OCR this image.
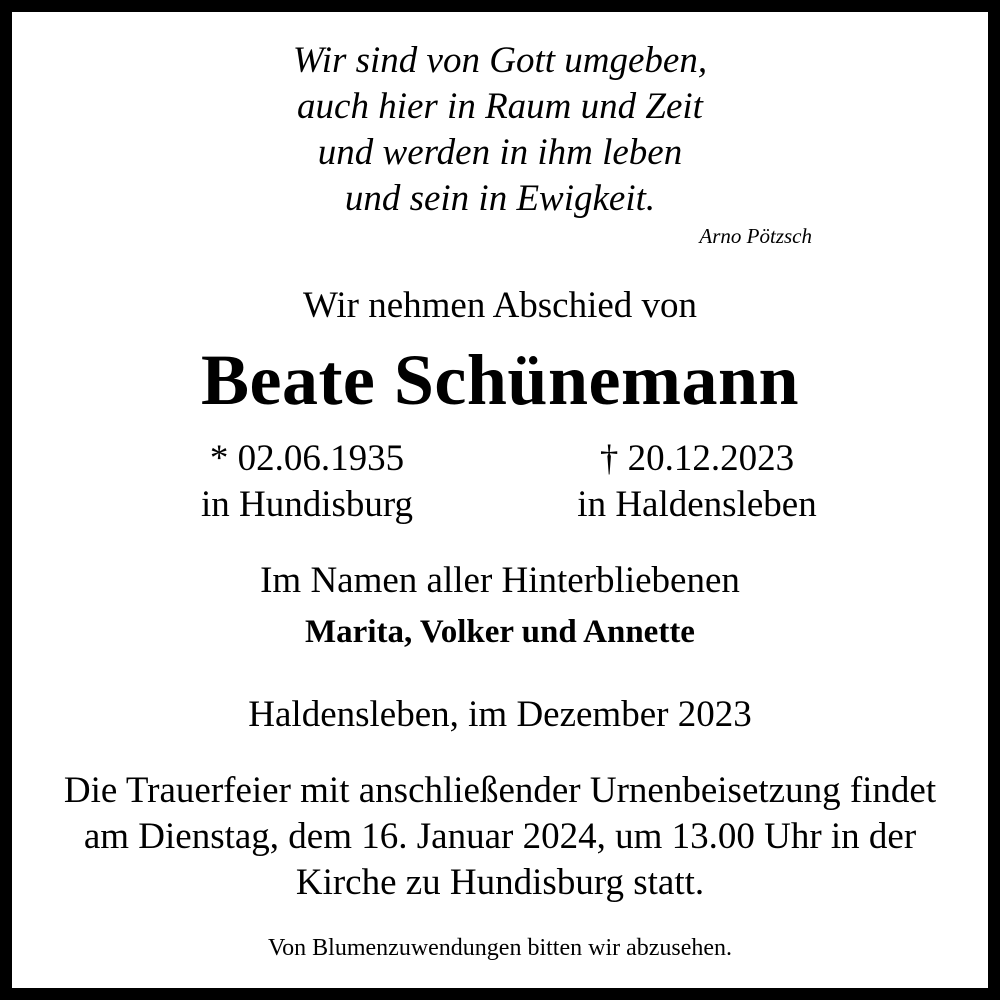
Wir sind von Gott umgeben,
auch hier in Raum und Zeit
und werden in ihm leben
und sein in Ewigkeit.
Arno Pötzsch
Wir nehmen Abschied von
Beate Schünemann
* 02.06.1935
in Hundisburg
† 20.12.2023
in Haldensleben
Im Namen aller Hinterbliebenen
Marita, Volker und Annette
Haldensleben, im Dezember 2023
Die Trauerfeier mit anschließender Urnenbeisetzung findet
am Dienstag, dem 16. Januar 2024, um 13.00 Uhr in der
Kirche zu Hundisburg statt.
Von Blumenzuwendungen bitten wir abzusehen.
